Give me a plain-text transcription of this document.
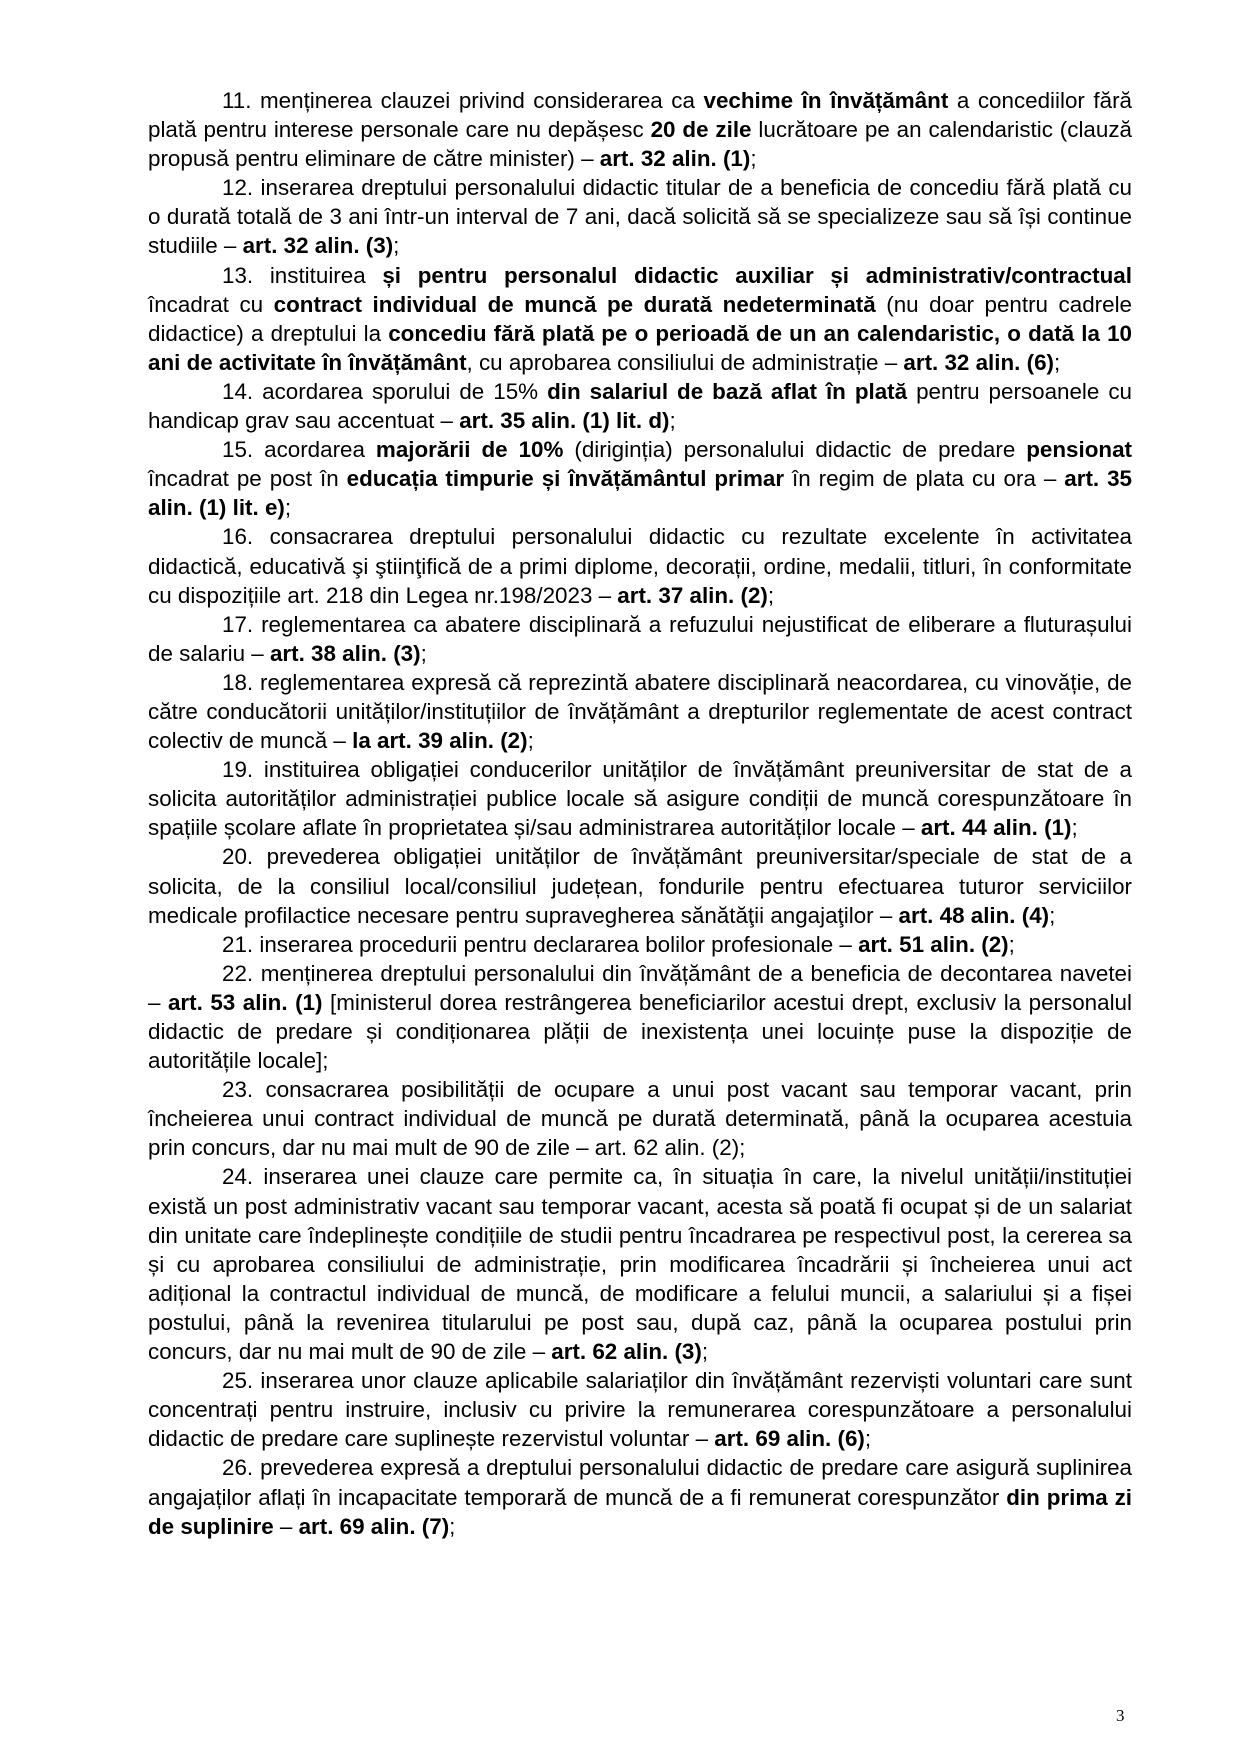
11. menținerea clauzei privind considerarea ca vechime în învățământ a concediilor fără plată pentru interese personale care nu depășesc 20 de zile lucrătoare pe an calendaristic (clauză propusă pentru eliminare de către minister) – art. 32 alin. (1);

12. inserarea dreptului personalului didactic titular de a beneficia de concediu fără plată cu o durată totală de 3 ani într-un interval de 7 ani, dacă solicită să se specializeze sau să își continue studiile – art. 32 alin. (3);

13. instituirea și pentru personalul didactic auxiliar și administrativ/contractual încadrat cu contract individual de muncă pe durată nedeterminată (nu doar pentru cadrele didactice) a dreptului la concediu fără plată pe o perioadă de un an calendaristic, o dată la 10 ani de activitate în învățământ, cu aprobarea consiliului de administrație – art. 32 alin. (6);

14. acordarea sporului de 15% din salariul de bază aflat în plată pentru persoanele cu handicap grav sau accentuat – art. 35 alin. (1) lit. d);

15. acordarea majorării de 10% (diriginția) personalului didactic de predare pensionat încadrat pe post în educația timpurie și învățământul primar în regim de plata cu ora – art. 35 alin. (1) lit. e);

16. consacrarea dreptului personalului didactic cu rezultate excelente în activitatea didactică, educativă şi ştiinţifică de a primi diplome, decorații, ordine, medalii, titluri, în conformitate cu dispozițiile art. 218 din Legea nr.198/2023 – art. 37 alin. (2);

17. reglementarea ca abatere disciplinară a refuzului nejustificat de eliberare a fluturașului de salariu – art. 38 alin. (3);

18. reglementarea expresă că reprezintă abatere disciplinară neacordarea, cu vinovăție, de către conducătorii unităților/instituțiilor de învățământ a drepturilor reglementate de acest contract colectiv de muncă – la art. 39 alin. (2);

19. instituirea obligației conducerilor unităților de învățământ preuniversitar de stat de a solicita autorităților administrației publice locale să asigure condiții de muncă corespunzătoare în spațiile școlare aflate în proprietatea și/sau administrarea autorităților locale – art. 44 alin. (1);

20. prevederea obligației unităților de învățământ preuniversitar/speciale de stat de a solicita, de la consiliul local/consiliul județean, fondurile pentru efectuarea tuturor serviciilor medicale profilactice necesare pentru supravegherea sănătăţii angajaţilor – art. 48 alin. (4);

21. inserarea procedurii pentru declararea bolilor profesionale – art. 51 alin. (2);

22. menținerea dreptului personalului din învățământ de a beneficia de decontarea navetei – art. 53 alin. (1) [ministerul dorea restrângerea beneficiarilor acestui drept, exclusiv la personalul didactic de predare și condiționarea plății de inexistența unei locuințe puse la dispoziție de autoritățile locale];

23. consacrarea posibilității de ocupare a unui post vacant sau temporar vacant, prin încheierea unui contract individual de muncă pe durată determinată, până la ocuparea acestuia prin concurs, dar nu mai mult de 90 de zile – art. 62 alin. (2);

24. inserarea unei clauze care permite ca, în situația în care, la nivelul unității/instituției există un post administrativ vacant sau temporar vacant, acesta să poată fi ocupat și de un salariat din unitate care îndeplinește condițiile de studii pentru încadrarea pe respectivul post, la cererea sa și cu aprobarea consiliului de administrație, prin modificarea încadrării și încheierea unui act adițional la contractul individual de muncă, de modificare a felului muncii, a salariului și a fișei postului, până la revenirea titularului pe post sau, după caz, până la ocuparea postului prin concurs, dar nu mai mult de 90 de zile – art. 62 alin. (3);

25. inserarea unor clauze aplicabile salariaților din învățământ rezerviști voluntari care sunt concentrați pentru instruire, inclusiv cu privire la remunerarea corespunzătoare a personalului didactic de predare care suplinește rezervistul voluntar – art. 69 alin. (6);

26. prevederea expresă a dreptului personalului didactic de predare care asigură suplinirea angajaților aflați în incapacitate temporară de muncă de a fi remunerat corespunzător din prima zi de suplinire – art. 69 alin. (7);

3
